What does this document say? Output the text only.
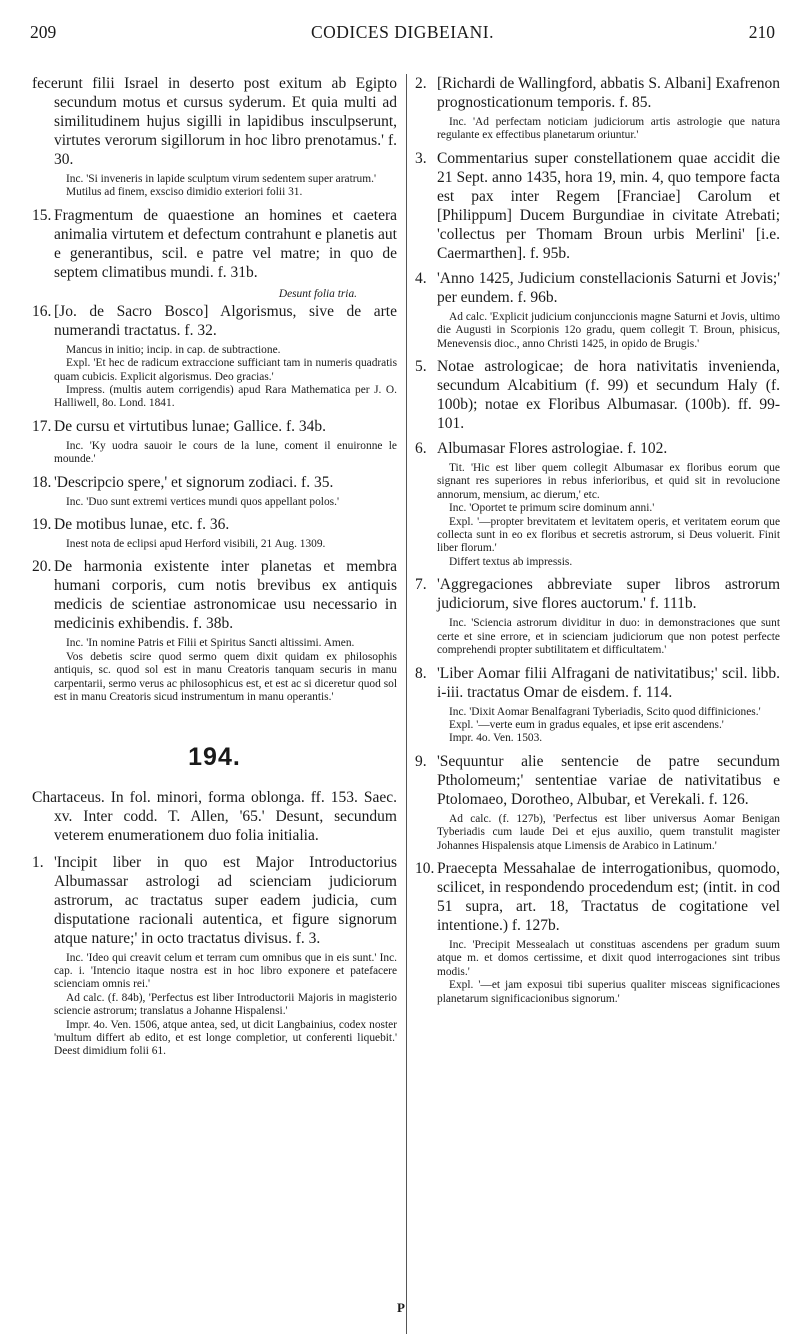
209	CODICES DIGBEIANI.	210

fecerunt filii Israel in deserto post exitum ab Egipto secundum motus et cursus syderum. Et quia multi ad similitudinem hujus sigilli in lapidibus insculpserunt, virtutes verorum sigillorum in hoc libro prenotamus.' f. 30.

Inc. 'Si inveneris in lapide sculptum virum sedentem super aratrum.'

Mutilus ad finem, exsciso dimidio exteriori folii 31.

15. Fragmentum de quaestione an homines et caetera animalia virtutem et defectum contrahunt e planetis aut e generantibus, scil. e patre vel matre; in quo de septem climatibus mundi. f. 31b.

Desunt folia tria.

16. [Jo. de Sacro Bosco] Algorismus, sive de arte numerandi tractatus. f. 32.

Mancus in initio; incip. in cap. de subtractione.

Expl. 'Et hec de radicum extraccione sufficiant tam in numeris quadratis quam cubicis. Explicit algorismus. Deo gracias.'

Impress. (multis autem corrigendis) apud Rara Mathematica per J. O. Halliwell, 8o. Lond. 1841.

17. De cursu et virtutibus lunae; Gallice. f. 34b.

Inc. 'Ky uodra sauoir le cours de la lune, coment il enuironne le mounde.'

18. 'Descripcio spere,' et signorum zodiaci. f. 35.

Inc. 'Duo sunt extremi vertices mundi quos appellant polos.'

19. De motibus lunae, etc. f. 36.

Inest nota de eclipsi apud Herford visibili, 21 Aug. 1309.

20. De harmonia existente inter planetas et membra humani corporis, cum notis brevibus ex antiquis medicis de scientiae astronomicae usu necessario in medicinis exhibendis. f. 38b.

Inc. 'In nomine Patris et Filii et Spiritus Sancti altissimi. Amen.

Vos debetis scire quod sermo quem dixit quidam ex philosophis antiquis, sc. quod sol est in manu Creatoris tanquam securis in manu carpentarii, sermo verus ac philosophicus est, et est ac si diceretur quod sol est in manu Creatoris sicud instrumentum in manu operantis.'

194.

Chartaceus. In fol. minori, forma oblonga. ff. 153. Saec. xv. Inter codd. T. Allen, '65.' Desunt, secundum veterem enumerationem duo folia initialia.

1. 'Incipit liber in quo est Major Introductorius Albumassar astrologi ad scienciam judiciorum astrorum, ac tractatus super eadem judicia, cum disputatione racionali autentica, et figure signorum atque nature;' in octo tractatus divisus. f. 3.

Inc. 'Ideo qui creavit celum et terram cum omnibus que in eis sunt.' Inc. cap. i. 'Intencio itaque nostra est in hoc libro exponere et patefacere scienciam omnis rei.'

Ad calc. (f. 84b), 'Perfectus est liber Introductorii Majoris in magisterio sciencie astrorum; translatus a Johanne Hispalensi.'

Impr. 4o. Ven. 1506, atque antea, sed, ut dicit Langbainius, codex noster 'multum differt ab edito, et est longe completior, ut conferenti liquebit.' Deest dimidium folii 61.

2. [Richardi de Wallingford, abbatis S. Albani] Exafrenon prognosticationum temporis. f. 85.

Inc. 'Ad perfectam noticiam judiciorum artis astrologie que natura regulante ex effectibus planetarum oriuntur.'

3. Commentarius super constellationem quae accidit die 21 Sept. anno 1435, hora 19, min. 4, quo tempore facta est pax inter Regem [Franciae] Carolum et [Philippum] Ducem Burgundiae in civitate Atrebati; 'collectus per Thomam Broun urbis Merlini' [i.e. Caermarthen]. f. 95b.

4. 'Anno 1425, Judicium constellacionis Saturni et Jovis;' per eundem. f. 96b.

Ad calc. 'Explicit judicium conjunccionis magne Saturni et Jovis, ultimo die Augusti in Scorpionis 12o gradu, quem collegit T. Broun, phisicus, Menevensis dioc., anno Christi 1425, in opido de Brugis.'

5. Notae astrologicae; de hora nativitatis invenienda, secundum Alcabitium (f. 99) et secundum Haly (f. 100b); notae ex Floribus Albumasar. (100b). ff. 99-101.

6. Albumasar Flores astrologiae. f. 102.

Tit. 'Hic est liber quem collegit Albumasar ex floribus eorum que signant res superiores in rebus inferioribus, et quid sit in revolucione annorum, mensium, ac dierum,' etc.

Inc. 'Oportet te primum scire dominum anni.'

Expl. '—propter brevitatem et levitatem operis, et veritatem eorum que collecta sunt in eo ex floribus et secretis astrorum, si Deus voluerit. Finit liber florum.'

Differt textus ab impressis.

7. 'Aggregaciones abbreviate super libros astrorum judiciorum, sive flores auctorum.' f. 111b.

Inc. 'Sciencia astrorum dividitur in duo: in demonstraciones que sunt certe et sine errore, et in scienciam judiciorum que non potest perfecte comprehendi propter subtilitatem et difficultatem.'

8. 'Liber Aomar filii Alfragani de nativitatibus;' scil. libb. i-iii. tractatus Omar de eisdem. f. 114.

Inc. 'Dixit Aomar Benalfagrani Tyberiadis, Scito quod diffiniciones.'

Expl. '—verte eum in gradus equales, et ipse erit ascendens.'

Impr. 4o. Ven. 1503.

9. 'Sequuntur alie sentencie de patre secundum Ptholomeum;' sententiae variae de nativitatibus e Ptolomaeo, Dorotheo, Albubar, et Verekali. f. 126.

Ad calc. (f. 127b), 'Perfectus est liber universus Aomar Benigan Tyberiadis cum laude Dei et ejus auxilio, quem transtulit magister Johannes Hispalensis atque Limensis de Arabico in Latinum.'

10. Praecepta Messahalae de interrogationibus, quomodo, scilicet, in respondendo procedendum est; (intit. in cod 51 supra, art. 18, Tractatus de cogitatione vel intentione.) f. 127b.

Inc. 'Precipit Messealach ut constituas ascendens per gradum suum atque m. et domos certissime, et dixit quod interrogaciones sint tribus modis.'

Expl. '—et jam exposui tibi superius qualiter misceas significaciones planetarum significacionibus signorum.'

P
